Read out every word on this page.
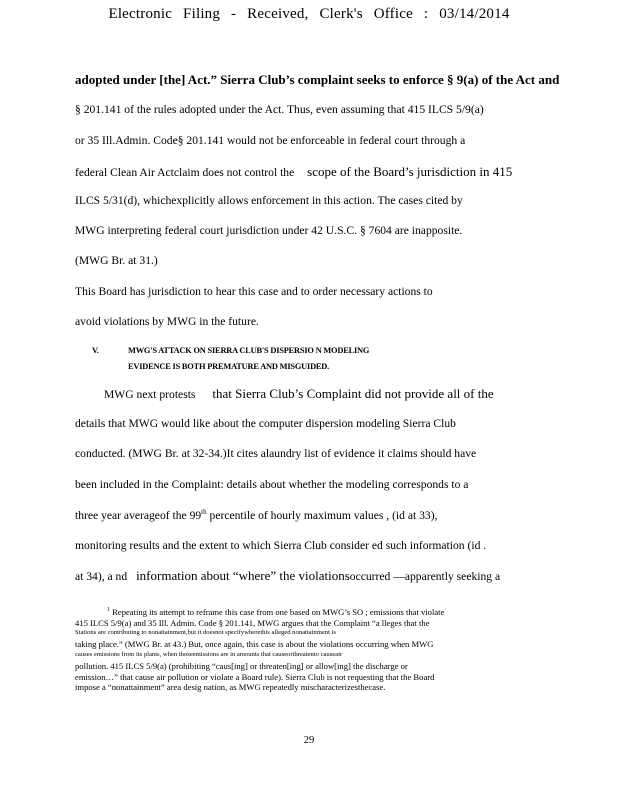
Electronic Filing - Received, Clerk's Office : 03/14/2014
adopted under [the] Act.” Sierra Club’s complaint seeks to enforce § 9(a) of the Act and
§ 201.141 of the rules adopted under the Act. Thus, even assuming that 415 ILCS 5/9(a)
or 35 Ill.Admin. Code§ 201.141 would not be enforceable in federal court through a
federal Clean Air Actclaim does not control the scope of the Board’s jurisdiction in 415
ILCS 5/31(d), whichexplicitly allows enforcement in this action. The cases cited by
MWG interpreting federal court jurisdiction under 42 U.S.C. § 7604 are inapposite.
(MWG Br. at 31.)
This Board has jurisdiction to hear this case and to order necessary actions to
avoid violations by MWG in the future.
MWG next protests that Sierra Club’s Complaint did not provide all of the
details that MWG would like about the computer dispersion modeling Sierra Club
conducted. (MWG Br. at 32-34.)It cites alaundry list of evidence it claims should have
been included in the Complaint: details about whether the modeling corresponds to a
three year averageof the 99th percentile of hourly maximum values , (id at 33),
monitoring results and the extent to which Sierra Club consider ed such information (id .
at 34), a nd information about “where” the violationsoccurred —apparently seeking a
V.	MWG'S ATTACK ON SIERRA CLUB'S DISPERSIO N MODELING
EVIDENCE IS BOTH PREMATURE AND MISGUIDED.
$^1$ Repeating its attempt to reframe this case from one based on MWG’s SO ; emissions that violate
415 ILCS 5/9(a) and 35 Ill. Admin. Code § 201.141, MWG argues that the Complaint “a lleges that the
Stations are contributing to nonattainment,but it doesnot specifywherethis alleged nonattainment is
taking place.” (MWG Br. at 43.) But, once again, this case is about the violations occurring when MWG
causes emissions from its plants, when thoseemissions are in amounts that causeorthreatento causeair
pollution. 415 ILCS 5/9(a) (prohibiting “caus[ing] or threaten[ing] or allow[ing] the discharge or
emission…” that cause air pollution or violate a Board rule). Sierra Club is not requesting that the Board
impose a “nonattainment” area desig nation, as MWG repeatedly mischaracterizesthecase.
29
